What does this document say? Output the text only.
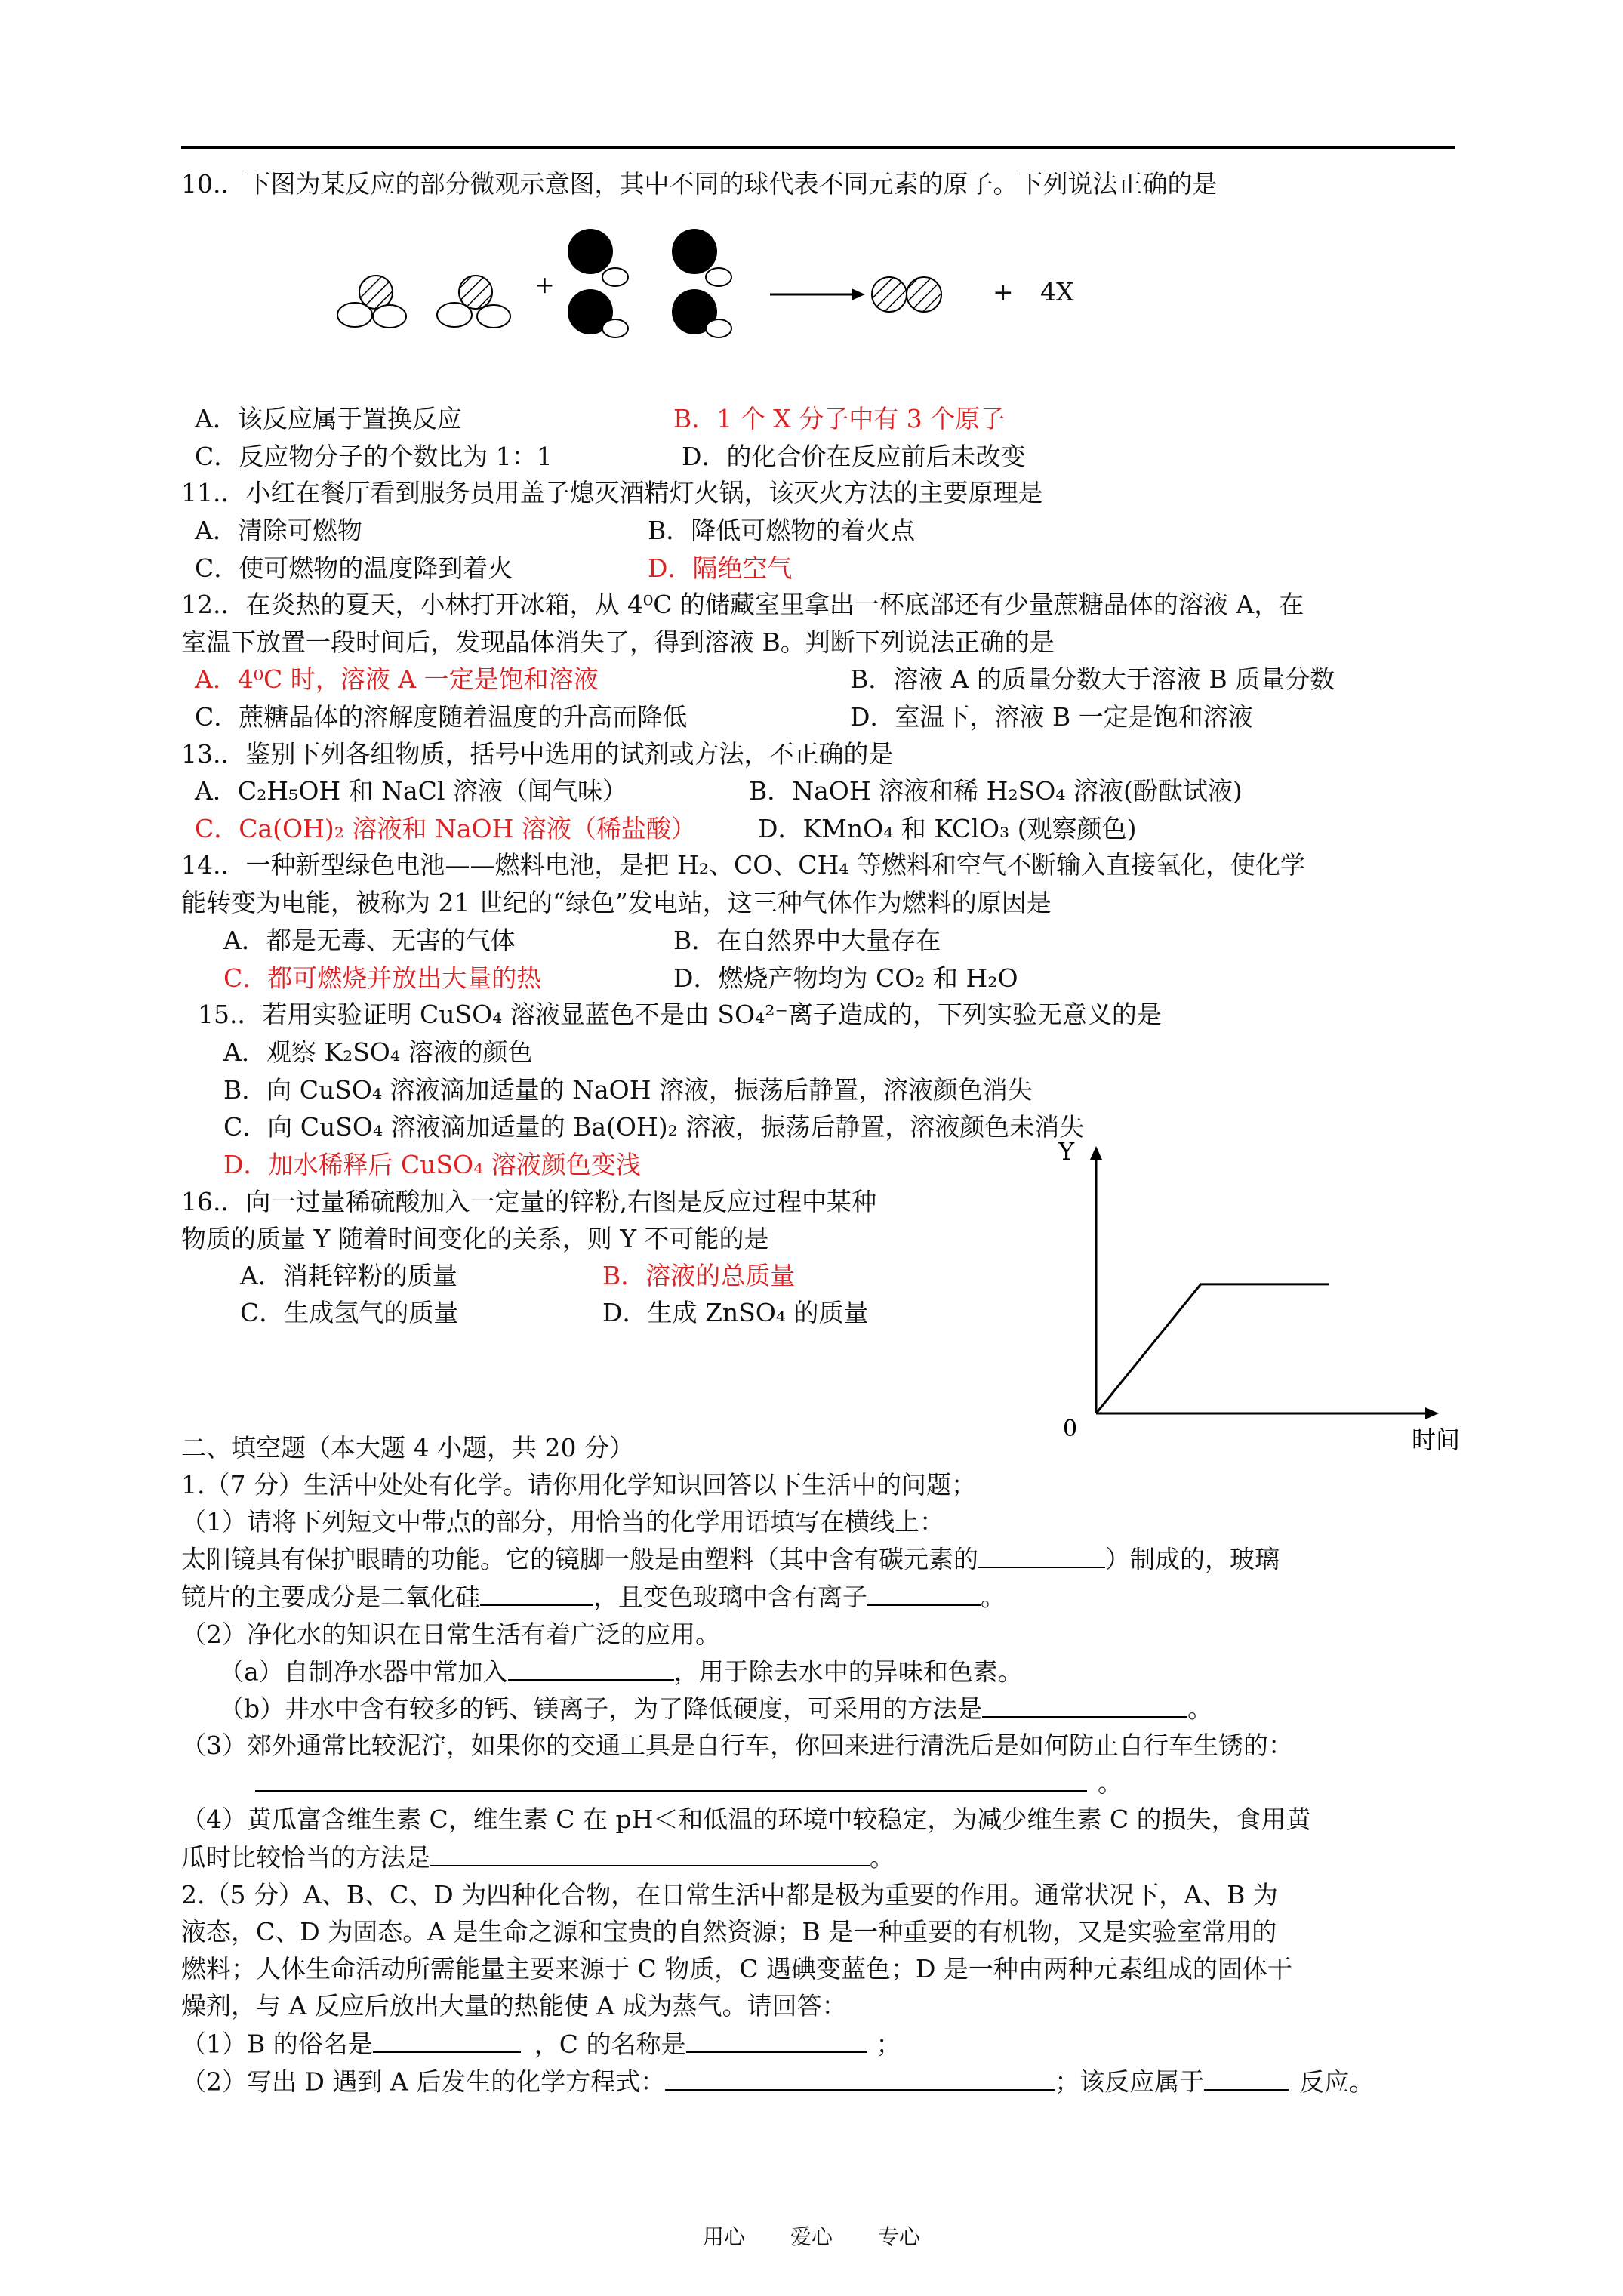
10.．下图为某反应的部分微观示意图，其中不同的球代表不同元素的原子。下列说法正确的是
+	+ 4X
A．该反应属于置换反应	B．1 个 X 分子中有 3 个原子
C．反应物分子的个数比为 1：1	D．的化合价在反应前后未改变
11.．小红在餐厅看到服务员用盖子熄灭酒精灯火锅，该灭火方法的主要原理是
A．清除可燃物	B．降低可燃物的着火点
C．使可燃物的温度降到着火	D．隔绝空气
12.．在炎热的夏天，小林打开冰箱，从 4⁰C 的储藏室里拿出一杯底部还有少量蔗糖晶体的溶液 A，在
室温下放置一段时间后，发现晶体消失了，得到溶液 B。判断下列说法正确的是
A．4⁰C 时，溶液 A 一定是饱和溶液	B．溶液 A 的质量分数大于溶液 B 质量分数
C．蔗糖晶体的溶解度随着温度的升高而降低	D．室温下，溶液 B 一定是饱和溶液
13.．鉴别下列各组物质，括号中选用的试剂或方法，不正确的是
A．C₂H₅OH 和 NaCl 溶液（闻气味）	B．NaOH 溶液和稀 H₂SO₄ 溶液(酚酞试液)
C．Ca(OH)₂ 溶液和 NaOH 溶液（稀盐酸） D．KMnO₄ 和 KClO₃ (观察颜色)
14.．一种新型绿色电池——燃料电池，是把 H₂、CO、CH₄ 等燃料和空气不断输入直接氧化，使化学
能转变为电能，被称为 21 世纪的“绿色”发电站，这三种气体作为燃料的原因是
A．都是无毒、无害的气体	B．在自然界中大量存在
C．都可燃烧并放出大量的热	D．燃烧产物均为 CO₂ 和 H₂O
15.．若用实验证明 CuSO₄ 溶液显蓝色不是由 SO₄²⁻离子造成的，下列实验无意义的是
A．观察 K₂SO₄ 溶液的颜色
B．向 CuSO₄ 溶液滴加适量的 NaOH 溶液，振荡后静置，溶液颜色消失
C．向 CuSO₄ 溶液滴加适量的 Ba(OH)₂ 溶液，振荡后静置，溶液颜色未消失
D．加水稀释后 CuSO₄ 溶液颜色变浅
16.．向一过量稀硫酸加入一定量的锌粉,右图是反应过程中某种
物质的质量 Y 随着时间变化的关系，则 Y 不可能的是
A．消耗锌粉的质量	B．溶液的总质量
C．生成氢气的质量	D．生成 ZnSO₄ 的质量
Y
0	时间
二、填空题（本大题 4 小题，共 20 分）
1.（7 分）生活中处处有化学。请你用化学知识回答以下生活中的问题；
（1）请将下列短文中带点的部分，用恰当的化学用语填写在横线上：
太阳镜具有保护眼睛的功能。它的镜脚一般是由塑料（其中含有碳元素的	）制成的，玻璃
镜片的主要成分是二氧化硅	，且变色玻璃中含有离子	。
（2）净化水的知识在日常生活有着广泛的应用。
（a）自制净水器中常加入	，用于除去水中的异味和色素。
（b）井水中含有较多的钙、镁离子，为了降低硬度，可采用的方法是	。
（3）郊外通常比较泥泞，如果你的交通工具是自行车，你回来进行清洗后是如何防止自行车生锈的：
。
（4）黄瓜富含维生素 C，维生素 C 在 pH＜和低温的环境中较稳定，为减少维生素 C 的损失，食用黄
瓜时比较恰当的方法是	。
2.（5 分）A、B、C、D 为四种化合物，在日常生活中都是极为重要的作用。通常状况下，A、B 为
液态，C、D 为固态。A 是生命之源和宝贵的自然资源；B 是一种重要的有机物，又是实验室常用的
燃料；人体生命活动所需能量主要来源于 C 物质，C 遇碘变蓝色；D 是一种由两种元素组成的固体干
燥剂，与 A 反应后放出大量的热能使 A 成为蒸气。请回答：
（1）B 的俗名是	，C 的名称是	；
（2）写出 D 遇到 A 后发生的化学方程式：	；该反应属于	反应。
用心 爱心 专心
